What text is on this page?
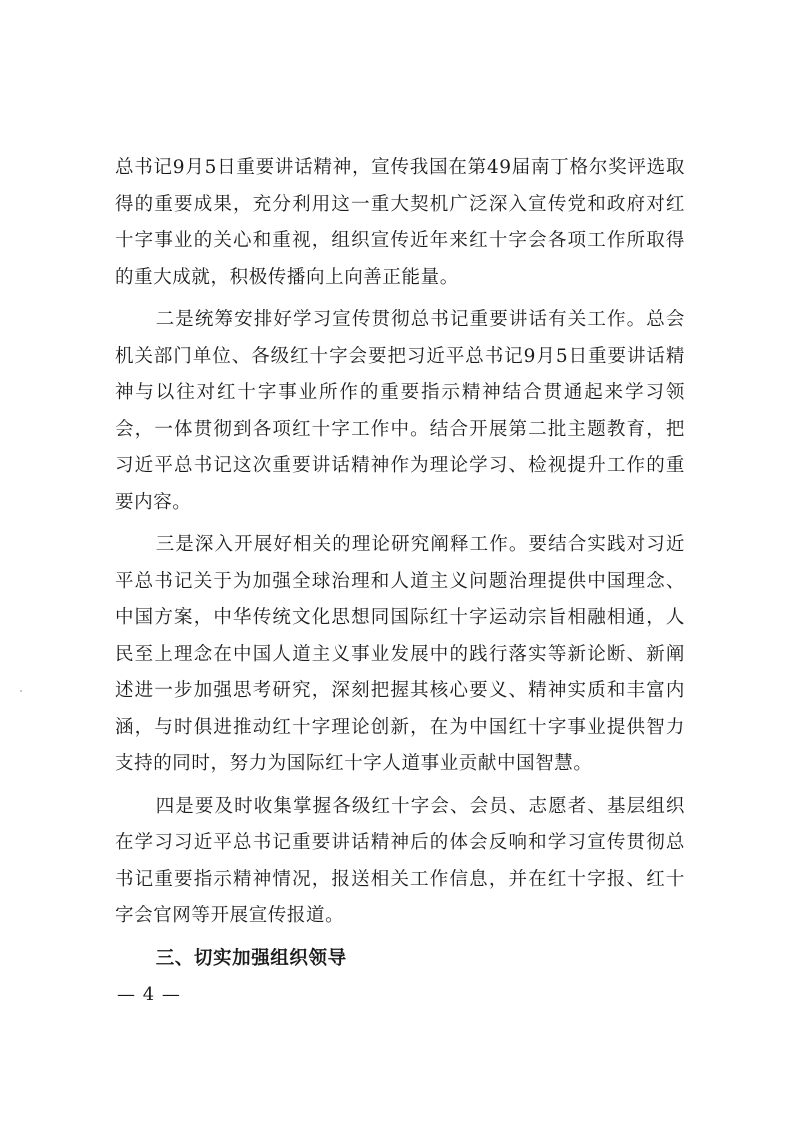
总书记9月5日重要讲话精神，宣传我国在第49届南丁格尔奖评选取得的重要成果，充分利用这一重大契机广泛深入宣传党和政府对红十字事业的关心和重视，组织宣传近年来红十字会各项工作所取得的重大成就，积极传播向上向善正能量。

二是统筹安排好学习宣传贯彻总书记重要讲话有关工作。总会机关部门单位、各级红十字会要把习近平总书记9月5日重要讲话精神与以往对红十字事业所作的重要指示精神结合贯通起来学习领会，一体贯彻到各项红十字工作中。结合开展第二批主题教育，把习近平总书记这次重要讲话精神作为理论学习、检视提升工作的重要内容。

三是深入开展好相关的理论研究阐释工作。要结合实践对习近平总书记关于为加强全球治理和人道主义问题治理提供中国理念、中国方案，中华传统文化思想同国际红十字运动宗旨相融相通，人民至上理念在中国人道主义事业发展中的践行落实等新论断、新阐述进一步加强思考研究，深刻把握其核心要义、精神实质和丰富内涵，与时俱进推动红十字理论创新，在为中国红十字事业提供智力支持的同时，努力为国际红十字人道事业贡献中国智慧。

四是要及时收集掌握各级红十字会、会员、志愿者、基层组织在学习习近平总书记重要讲话精神后的体会反响和学习宣传贯彻总书记重要指示精神情况，报送相关工作信息，并在红十字报、红十字会官网等开展宣传报道。

三、切实加强组织领导

— 4 —
